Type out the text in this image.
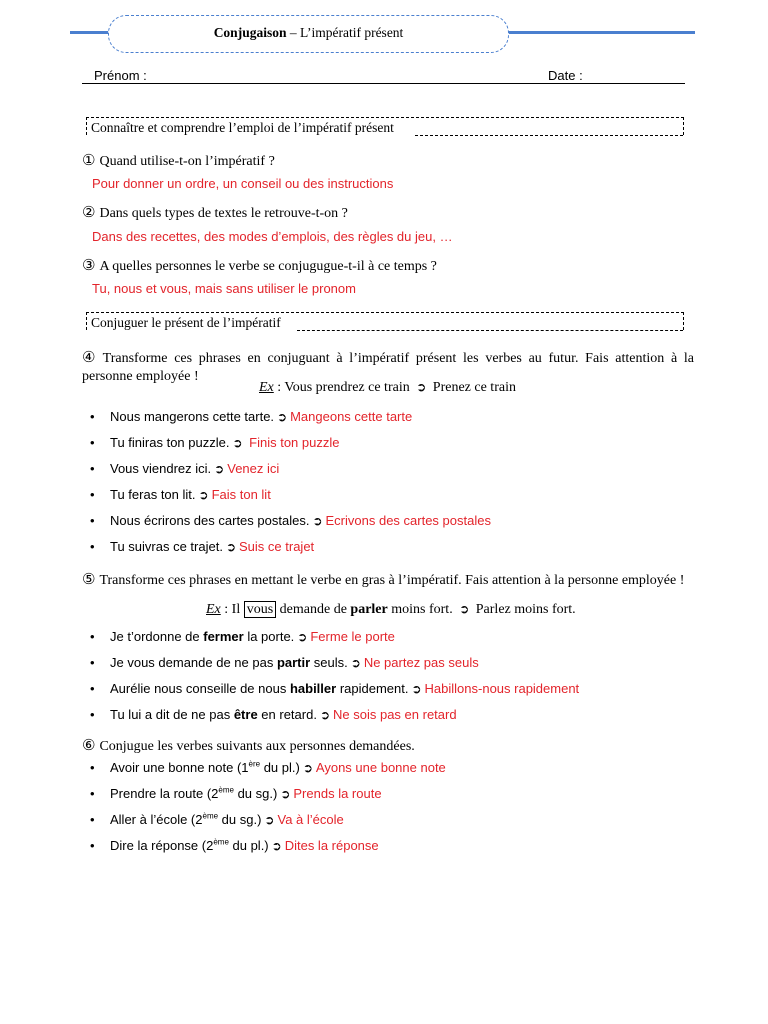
Conjugaison – L’impératif présent
Prénom :	Date :
Connaître et comprendre l’emploi de l’impératif présent
① Quand utilise-t-on l’impératif ?
Pour donner un ordre, un conseil ou des instructions
② Dans quels types de textes le retrouve-t-on ?
Dans des recettes, des modes d’emplois, des règles du jeu, …
③ A quelles personnes le verbe se conjugugue-t-il à ce temps ?
Tu, nous et vous, mais sans utiliser le pronom
Conjuguer le présent de l’impératif
④ Transforme ces phrases en conjuguant à l’impératif présent les verbes au futur. Fais attention à la personne employée !
Ex : Vous prendrez ce train ➲ Prenez ce train
• Nous mangerons cette tarte. ➲ Mangeons cette tarte
• Tu finiras ton puzzle. ➲ Finis ton puzzle
• Vous viendrez ici. ➲ Venez ici
• Tu feras ton lit. ➲ Fais ton lit
• Nous écrirons des cartes postales. ➲ Ecrivons des cartes postales
• Tu suivras ce trajet. ➲ Suis ce trajet
⑤ Transforme ces phrases en mettant le verbe en gras à l’impératif. Fais attention à la personne employée !
Ex : Il vous demande de parler moins fort. ➲ Parlez moins fort.
• Je t’ordonne de fermer la porte. ➲ Ferme le porte
• Je vous demande de ne pas partir seuls. ➲ Ne partez pas seuls
• Aurélie nous conseille de nous habiller rapidement. ➲ Habillons-nous rapidement
• Tu lui a dit de ne pas être en retard. ➲ Ne sois pas en retard
⑥ Conjugue les verbes suivants aux personnes demandées.
• Avoir une bonne note (1ère du pl.) ➲ Ayons une bonne note
• Prendre la route (2ème du sg.) ➲ Prends la route
• Aller à l’école (2ème du sg.) ➲ Va à l’école
• Dire la réponse (2ème du pl.) ➲ Dites la réponse
